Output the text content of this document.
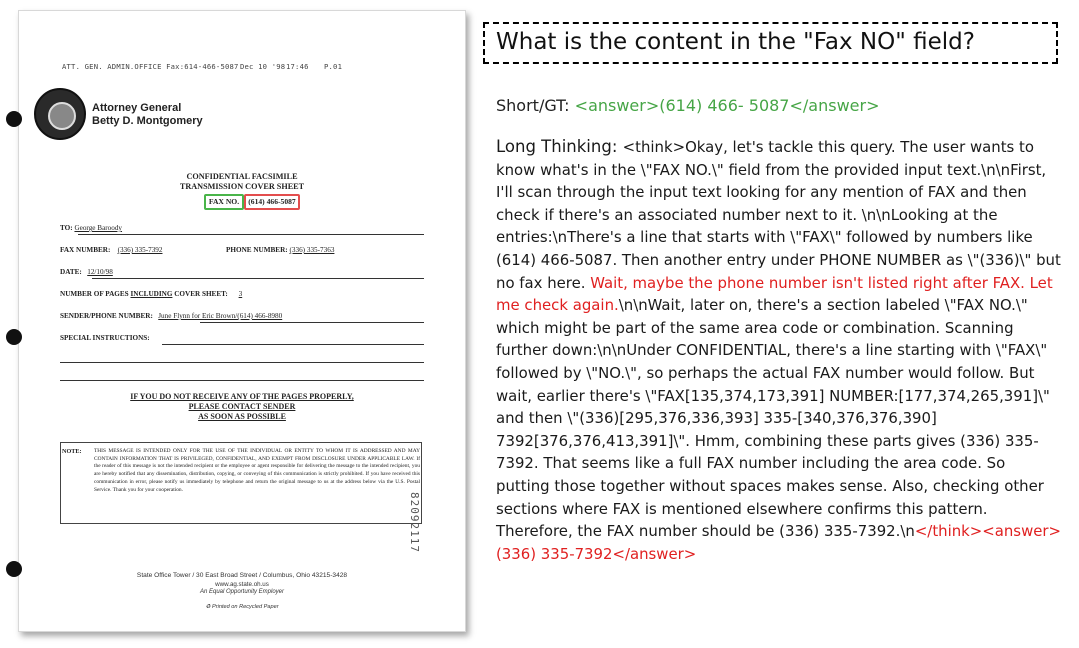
ATT. GEN. ADMIN.OFFICE Fax:614-466-5087 Dec 10 '98 17:46 P.01
Attorney General
Betty D. Montgomery
CONFIDENTIAL FACSIMILE
TRANSMISSION COVER SHEET
FAX NO.	(614) 466-5087
TO: George Baroody
FAX NUMBER: (336) 335-7392	PHONE NUMBER: (336) 335-7363
DATE: 12/10/98
NUMBER OF PAGES INCLUDING COVER SHEET: 3
SENDER/PHONE NUMBER: June Flynn for Eric Brown/(614) 466-8980
SPECIAL INSTRUCTIONS:
IF YOU DO NOT RECEIVE ANY OF THE PAGES PROPERLY,
PLEASE CONTACT SENDER
AS SOON AS POSSIBLE
NOTE: THIS MESSAGE IS INTENDED ONLY FOR THE USE OF THE INDIVIDUAL OR ENTITY TO WHOM IT IS ADDRESSED AND MAY CONTAIN INFORMATION THAT IS PRIVILEGED, CONFIDENTIAL, AND EXEMPT FROM DISCLOSURE UNDER APPLICABLE LAW. If the reader of this message is not the intended recipient or the employee or agent responsible for delivering the message to the intended recipient, you are hereby notified that any dissemination, distribution, copying, or conveying of this communication is strictly prohibited. If you have received this communication in error, please notify us immediately by telephone and return the original message to us at the address below via the U.S. Postal Service. Thank you for your cooperation.
82092117
State Office Tower / 30 East Broad Street / Columbus, Ohio 43215-3428
www.ag.state.oh.us
An Equal Opportunity Employer
♻ Printed on Recycled Paper
What is the content in the "Fax NO" field?
Short/GT: <answer>(614) 466- 5087</answer>
Long Thinking: <think>Okay, let's tackle this query. The user wants to know what's in the \"FAX NO.\" field from the provided input text.\n\nFirst, I'll scan through the input text looking for any mention of FAX and then check if there's an associated number next to it. \n\nLooking at the entries:\nThere's a line that starts with \"FAX\" followed by numbers like (614) 466-5087. Then another entry under PHONE NUMBER as \"(336)\" but no fax here. Wait, maybe the phone number isn't listed right after FAX. Let me check again.\n\nWait, later on, there's a section labeled \"FAX NO.\" which might be part of the same area code or combination. Scanning further down:\n\nUnder CONFIDENTIAL, there's a line starting with \"FAX\" followed by \"NO.\", so perhaps the actual FAX number would follow. But wait, earlier there's \"FAX[135,374,173,391] NUMBER:[177,374,265,391]\" and then \"(336)[295,376,336,393] 335-[340,376,376,390] 7392[376,376,413,391]\". Hmm, combining these parts gives (336) 335-7392. That seems like a full FAX number including the area code. So putting those together without spaces makes sense. Also, checking other sections where FAX is mentioned elsewhere confirms this pattern. Therefore, the FAX number should be (336) 335-7392.\n</think><answer>(336) 335-7392</answer>
